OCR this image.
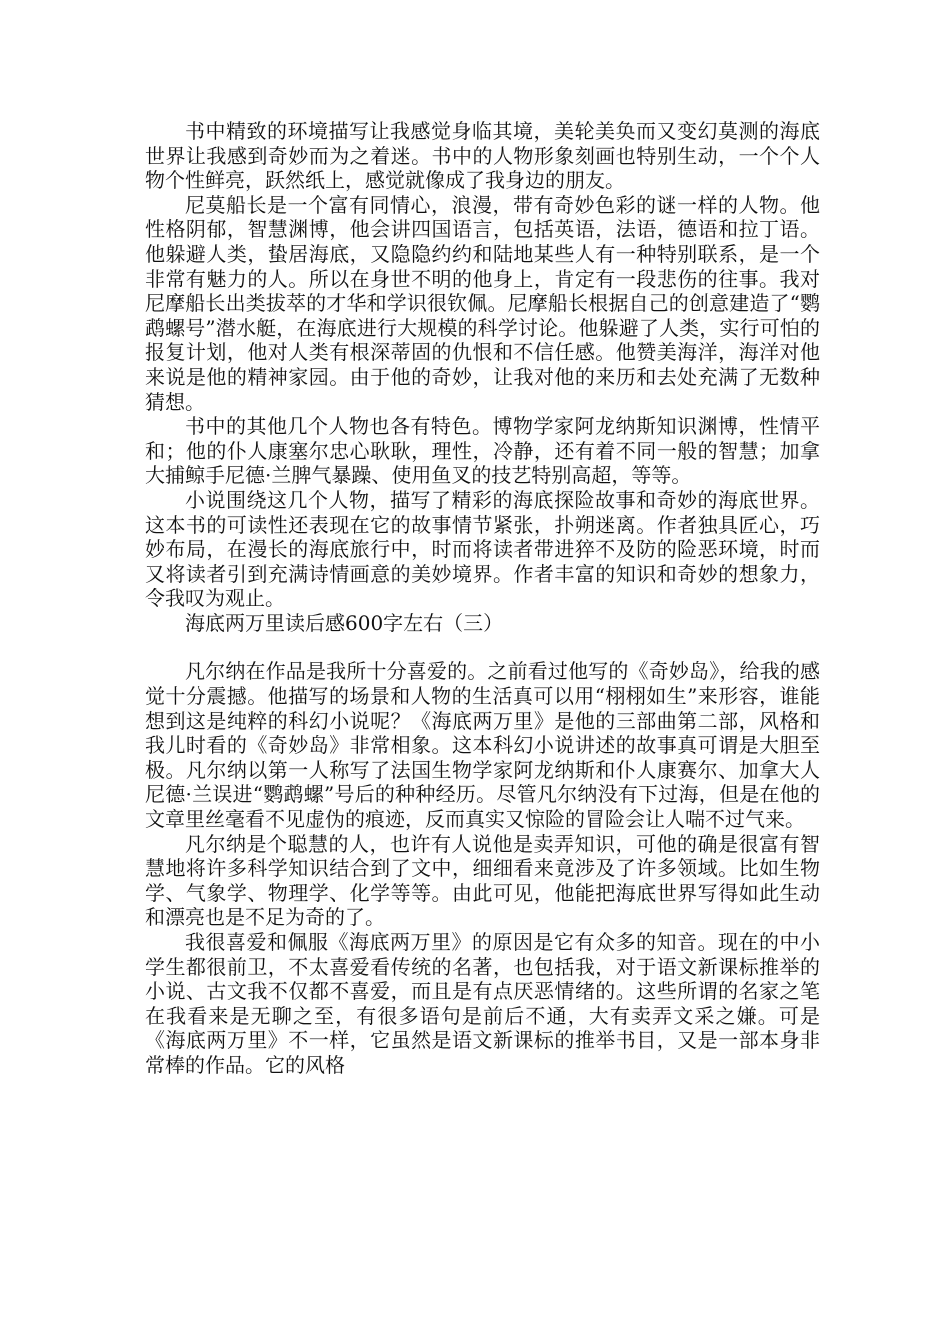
书中精致的环境描写让我感觉身临其境，美轮美奂而又变幻莫测的海底世界让我感到奇妙而为之着迷。书中的人物形象刻画也特别生动，一个个人物个性鲜亮，跃然纸上，感觉就像成了我身边的朋友。

尼莫船长是一个富有同情心，浪漫，带有奇妙色彩的谜一样的人物。他性格阴郁，智慧渊博，他会讲四国语言，包括英语，法语，德语和拉丁语。他躲避人类，蛰居海底，又隐隐约约和陆地某些人有一种特别联系，是一个非常有魅力的人。所以在身世不明的他身上，肯定有一段悲伤的往事。我对尼摩船长出类拔萃的才华和学识很钦佩。尼摩船长根据自己的创意建造了“鹦鹉螺号”潜水艇，在海底进行大规模的科学讨论。他躲避了人类，实行可怕的报复计划，他对人类有根深蒂固的仇恨和不信任感。他赞美海洋，海洋对他来说是他的精神家园。由于他的奇妙，让我对他的来历和去处充满了无数种猜想。

书中的其他几个人物也各有特色。博物学家阿龙纳斯知识渊博，性情平和；他的仆人康塞尔忠心耿耿，理性，冷静，还有着不同一般的智慧；加拿大捕鲸手尼德·兰脾气暴躁、使用鱼叉的技艺特别高超，等等。

小说围绕这几个人物，描写了精彩的海底探险故事和奇妙的海底世界。这本书的可读性还表现在它的故事情节紧张，扑朔迷离。作者独具匠心，巧妙布局，在漫长的海底旅行中，时而将读者带进猝不及防的险恶环境，时而又将读者引到充满诗情画意的美妙境界。作者丰富的知识和奇妙的想象力，令我叹为观止。

海底两万里读后感600字左右（三）

凡尔纳在作品是我所十分喜爱的。之前看过他写的《奇妙岛》，给我的感觉十分震撼。他描写的场景和人物的生活真可以用“栩栩如生”来形容，谁能想到这是纯粹的科幻小说呢？《海底两万里》是他的三部曲第二部，风格和我儿时看的《奇妙岛》非常相象。这本科幻小说讲述的故事真可谓是大胆至极。凡尔纳以第一人称写了法国生物学家阿龙纳斯和仆人康赛尔、加拿大人尼德·兰误进“鹦鹉螺”号后的种种经历。尽管凡尔纳没有下过海，但是在他的文章里丝毫看不见虚伪的痕迹，反而真实又惊险的冒险会让人喘不过气来。

凡尔纳是个聪慧的人，也许有人说他是卖弄知识，可他的确是很富有智慧地将许多科学知识结合到了文中，细细看来竟涉及了许多领域。比如生物学、气象学、物理学、化学等等。由此可见，他能把海底世界写得如此生动和漂亮也是不足为奇的了。

我很喜爱和佩服《海底两万里》的原因是它有众多的知音。现在的中小学生都很前卫，不太喜爱看传统的名著，也包括我，对于语文新课标推举的小说、古文我不仅都不喜爱，而且是有点厌恶情绪的。这些所谓的名家之笔在我看来是无聊之至，有很多语句是前后不通，大有卖弄文采之嫌。可是《海底两万里》不一样，它虽然是语文新课标的推举书目，又是一部本身非常棒的作品。它的风格
